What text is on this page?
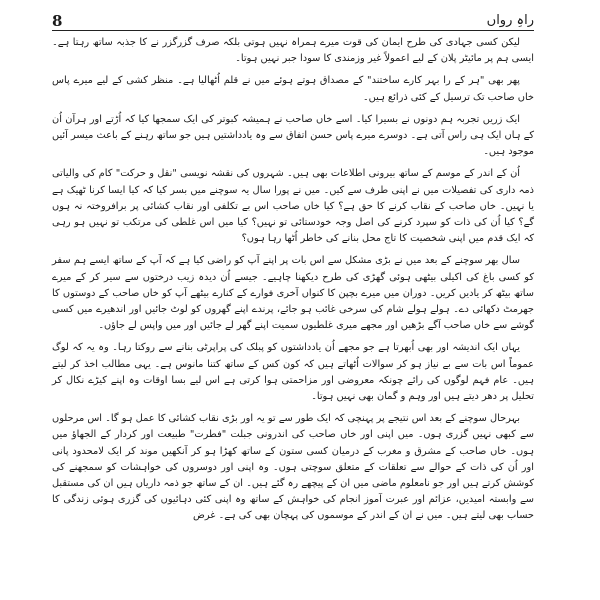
8	راہِ رواں

لیکن کسی جہادی کی طرح ایمان کی قوت میرے ہمراہ نہیں ہوتی بلکہ صرف گزرگزر نے کا جذبہ ساتھ رہتا ہے۔ ایسی ہم پر مائیٹر پلان کے لیے اعمولاً غیر وزمندی کا سودا جبر نہیں ہوتا۔

پھر بھی "ہر کے را بہر کارے ساختند" کے مصداق ہوتے ہوئے میں نے قلم اُٹھالیا ہے۔ منظر کشی کے لیے میرے پاس خاں صاحب تک ترسیل کے کئی ذرائع ہیں۔

ایک زریں تجربہ ہم دونوں نے بسیرا کیا۔ اسے خاں صاحب نے ہمیشہ کبوتر کی ایک سمجھا کیا کہ اُڑتے اور ہرآن اُن کے ہاں ایک ہی راس آتی ہے۔ دوسرے میرے پاس حسن اتفاق سے وہ یادداشتیں ہیں جو ساتھ رہنے کے باعث میسر آئیں موجود ہیں۔

اُن کے اندر کے موسم کے ساتھ بیرونی اطلاعات بھی ہیں۔ شہروں کی نقشہ نویسی "نقل و حرکت" کام کی والیاتی ذمہ داری کی تفصیلات میں نے اپنی طرف سے کیں۔ میں نے پورا سال یہ سوچنے میں بسر کیا کہ کیا ایسا کرنا ٹھیک ہے یا نہیں۔ خاں صاحب کے نقاب کرنے کا حق ہے؟ کیا خاں صاحب اس بے تکلفی اور نقاب کشائی پر برافروختہ نہ ہوں گے؟ کیا اُن کی ذات کو سپرد کرنے کی اصل وجہ خودستائی تو نہیں؟ کیا میں اس غلطی کی مرتکب تو نہیں ہو رہی کہ ایک قدم میں اپنی شخصیت کا تاج محل بنانے کی خاطر اُٹھا رہا ہوں؟

سال بھر سوچنے کے بعد میں نے بڑی مشکل سے اس بات پر اپنے آپ کو راضی کیا ہے کہ آپ کے ساتھ ایسے ہم سفر کو کسی باغ کی اکیلی بیٹھی ہوئی گھڑی کی طرح دیکھنا چاہیے۔ جیسے اُن دیدہ زیب درختوں سے سیر کر کے میرے ساتھ بیٹھ کر یادیں کریں۔ دوران میں میرے بچپن کا کنواں آخری فوارے کے کنارے بیٹھے آپ کو خاں صاحب کے دوستوں کا جھرمٹ دکھائی دے۔ ہولے ہولے شام کی سرخی غائب ہو جائے، پرندے اپنے گھروں کو لوٹ جائیں اور اندھیرے میں کسی گوشے سے خاں صاحب آگے بڑھیں اور مجھے میری غلطیوں سمیت اپنے گھر لے جائیں اور میں واپس لے جاؤں۔

یہاں ایک اندیشہ اور بھی اُبھرتا ہے جو مجھے اُن یادداشتوں کو پبلک کی پراپرٹی بنانے سے روکتا رہا۔ وہ یہ کہ لوگ عموماً اس بات سے بے نیاز ہو کر سوالات اُٹھاتے ہیں کہ کون کس کے ساتھ کتنا مانوس ہے۔ یہی مطالب اخذ کر لیتے ہیں۔ عام فہم لوگوں کی رائے چونکہ معروضی اور مزاحمتی ہوا کرتی ہے اس لیے بسا اوقات وہ اپنے کیڑے نکال کر تحلیل پر دھر دیتے ہیں اور وہم و گمان بھی نہیں ہوتا۔

بہرحال سوچنے کے بعد اس نتیجے پر پہنچی کہ ایک طور سے تو یہ اور بڑی نقاب کشائی کا عمل ہو گا۔ اس مرحلوں سے کبھی نہیں گزری ہوں۔ میں اپنی اور خاں صاحب کی اندرونی جبلت "فطرت" طبیعت اور کردار کے الجھاؤ میں ہوں۔ خاں صاحب کے مشرق و مغرب کے درمیان کسی ستون کے ساتھ کھڑا ہو کر آنکھیں موند کر ایک لامحدود پانی اور اُن کی ذات کے حوالے سے تعلقات کے متعلق سوچتی ہوں۔ وہ اپنی اور دوسروں کی خواہشات کو سمجھنے کی کوشش کرتے ہیں اور جو نامعلوم ماضی میں ان کے پیچھے رہ گئے ہیں۔ ان کے ساتھ جو ذمہ داریاں ہیں ان کی مستقبل سے وابستہ امیدیں، عزائم اور عبرت آموز انجام کی خواہش کے ساتھ وہ اپنی کئی دہائیوں کی گزری ہوئی زندگی کا حساب بھی لیتے ہیں۔ میں نے ان کے اندر کے موسموں کی پہچان بھی کی ہے۔ غرض
